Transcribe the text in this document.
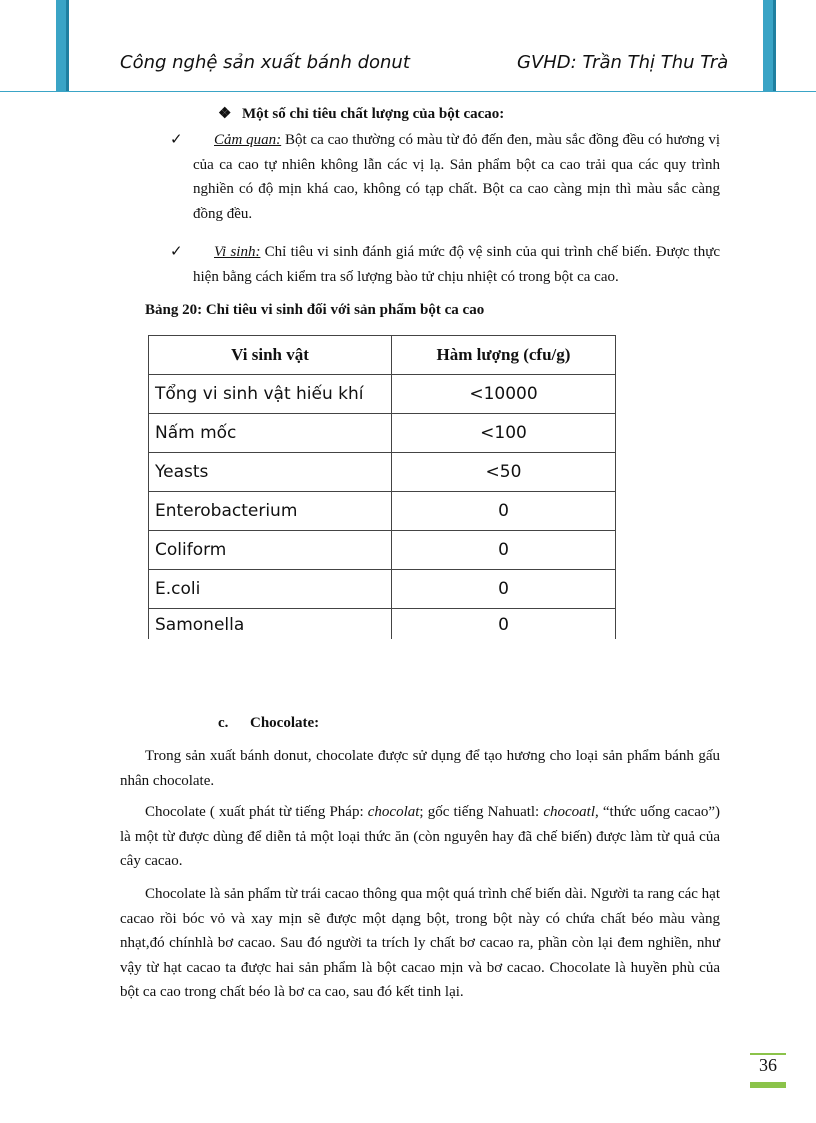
Công nghệ sản xuất bánh donut	GVHD: Trần Thị Thu Trà
❖ Một số chỉ tiêu chất lượng của bột cacao:
✓	Cảm quan: Bột ca cao thường có màu từ đỏ đến đen, màu sắc đồng đều có hương vị của ca cao tự nhiên không lẫn các vị lạ. Sản phẩm bột ca cao trải qua các quy trình nghiền có độ mịn khá cao, không có tạp chất. Bột ca cao càng mịn thì màu sắc càng đồng đều.
✓	Vi sinh: Chỉ tiêu vi sinh đánh giá mức độ vệ sinh của qui trình chế biến. Được thực hiện bằng cách kiểm tra số lượng bào tử chịu nhiệt có trong bột ca cao.
Bảng 20: Chỉ tiêu vi sinh đối với sản phẩm bột ca cao
Vi sinh vật	Hàm lượng (cfu/g)
Tổng vi sinh vật hiếu khí	<10000
Nấm mốc	<100
Yeasts	<50
Enterobacterium	0
Coliform	0
E.coli	0
Samonella	0
c. Chocolate:
Trong sản xuất bánh donut, chocolate được sử dụng để tạo hương cho loại sản phẩm bánh gấu nhân chocolate.
Chocolate ( xuất phát từ tiếng Pháp: chocolat; gốc tiếng Nahuatl: chocoatl, “thức uống cacao”) là một từ được dùng để diễn tả một loại thức ăn (còn nguyên hay đã chế biến) được làm từ quả của cây cacao.
Chocolate là sản phẩm từ trái cacao thông qua một quá trình chế biến dài. Người ta rang các hạt cacao rồi bóc vỏ và xay mịn sẽ được một dạng bột, trong bột này có chứa chất béo màu vàng nhạt,đó chínhlà bơ cacao. Sau đó người ta trích ly chất bơ cacao ra, phần còn lại đem nghiền, như vậy từ hạt cacao ta được hai sản phẩm là bột cacao mịn và bơ cacao. Chocolate là huyền phù của bột ca cao trong chất béo là bơ ca cao, sau đó kết tinh lại.
36
